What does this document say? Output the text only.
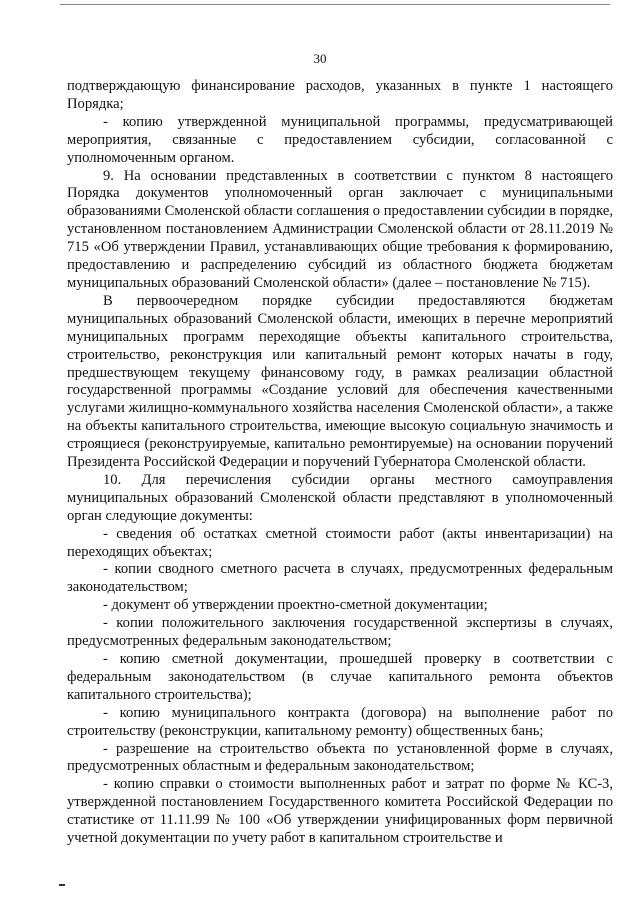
30

подтверждающую финансирование расходов, указанных в пункте 1 настоящего Порядка;

- копию утвержденной муниципальной программы, предусматривающей мероприятия, связанные с предоставлением субсидии, согласованной с уполномоченным органом.

9. На основании представленных в соответствии с пунктом 8 настоящего Порядка документов уполномоченный орган заключает с муниципальными образованиями Смоленской области соглашения о предоставлении субсидии в порядке, установленном постановлением Администрации Смоленской области от 28.11.2019 № 715 «Об утверждении Правил, устанавливающих общие требования к формированию, предоставлению и распределению субсидий из областного бюджета бюджетам муниципальных образований Смоленской области» (далее – постановление № 715).

В первоочередном порядке субсидии предоставляются бюджетам муниципальных образований Смоленской области, имеющих в перечне мероприятий муниципальных программ переходящие объекты капитального строительства, строительство, реконструкция или капитальный ремонт которых начаты в году, предшествующем текущему финансовому году, в рамках реализации областной государственной программы «Создание условий для обеспечения качественными услугами жилищно-коммунального хозяйства населения Смоленской области», а также на объекты капитального строительства, имеющие высокую социальную значимость и строящиеся (реконструируемые, капитально ремонтируемые) на основании поручений Президента Российской Федерации и поручений Губернатора Смоленской области.

10. Для перечисления субсидии органы местного самоуправления муниципальных образований Смоленской области представляют в уполномоченный орган следующие документы:

- сведения об остатках сметной стоимости работ (акты инвентаризации) на переходящих объектах;

- копии сводного сметного расчета в случаях, предусмотренных федеральным законодательством;

- документ об утверждении проектно-сметной документации;

- копии положительного заключения государственной экспертизы в случаях, предусмотренных федеральным законодательством;

- копию сметной документации, прошедшей проверку в соответствии с федеральным законодательством (в случае капитального ремонта объектов капитального строительства);

- копию муниципального контракта (договора) на выполнение работ по строительству (реконструкции, капитальному ремонту) общественных бань;

- разрешение на строительство объекта по установленной форме в случаях, предусмотренных областным и федеральным законодательством;

- копию справки о стоимости выполненных работ и затрат по форме № КС-3, утвержденной постановлением Государственного комитета Российской Федерации по статистике от 11.11.99 № 100 «Об утверждении унифицированных форм первичной учетной документации по учету работ в капитальном строительстве и
